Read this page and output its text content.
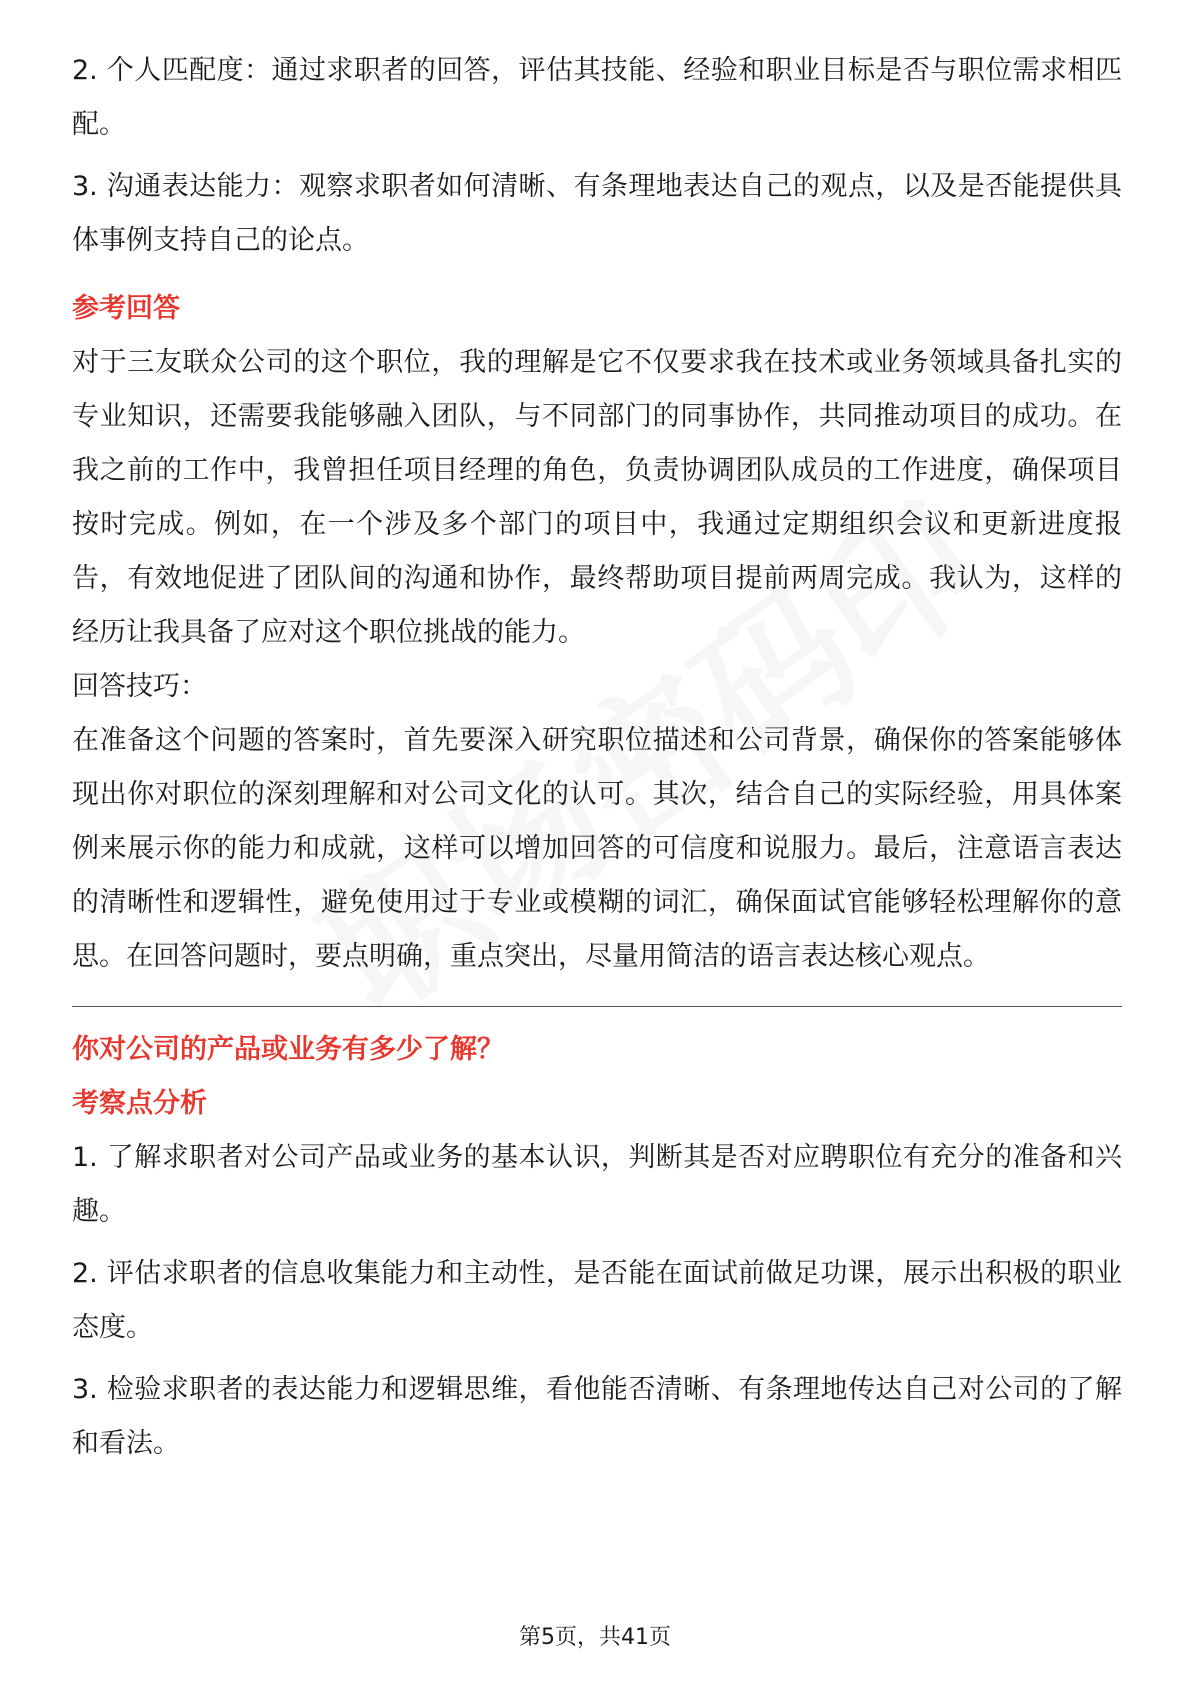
2. 个人匹配度：通过求职者的回答，评估其技能、经验和职业目标是否与职位需求相匹配。

3. 沟通表达能力：观察求职者如何清晰、有条理地表达自己的观点，以及是否能提供具体事例支持自己的论点。

参考回答

对于三友联众公司的这个职位，我的理解是它不仅要求我在技术或业务领域具备扎实的专业知识，还需要我能够融入团队，与不同部门的同事协作，共同推动项目的成功。在我之前的工作中，我曾担任项目经理的角色，负责协调团队成员的工作进度，确保项目按时完成。例如，在一个涉及多个部门的项目中，我通过定期组织会议和更新进度报告，有效地促进了团队间的沟通和协作，最终帮助项目提前两周完成。我认为，这样的经历让我具备了应对这个职位挑战的能力。

回答技巧：

在准备这个问题的答案时，首先要深入研究职位描述和公司背景，确保你的答案能够体现出你对职位的深刻理解和对公司文化的认可。其次，结合自己的实际经验，用具体案例来展示你的能力和成就，这样可以增加回答的可信度和说服力。最后，注意语言表达的清晰性和逻辑性，避免使用过于专业或模糊的词汇，确保面试官能够轻松理解你的意思。在回答问题时，要点明确，重点突出，尽量用简洁的语言表达核心观点。

你对公司的产品或业务有多少了解？

考察点分析

1. 了解求职者对公司产品或业务的基本认识，判断其是否对应聘职位有充分的准备和兴趣。

2. 评估求职者的信息收集能力和主动性，是否能在面试前做足功课，展示出积极的职业态度。

3. 检验求职者的表达能力和逻辑思维，看他能否清晰、有条理地传达自己对公司的了解和看法。

第5页，共41页
